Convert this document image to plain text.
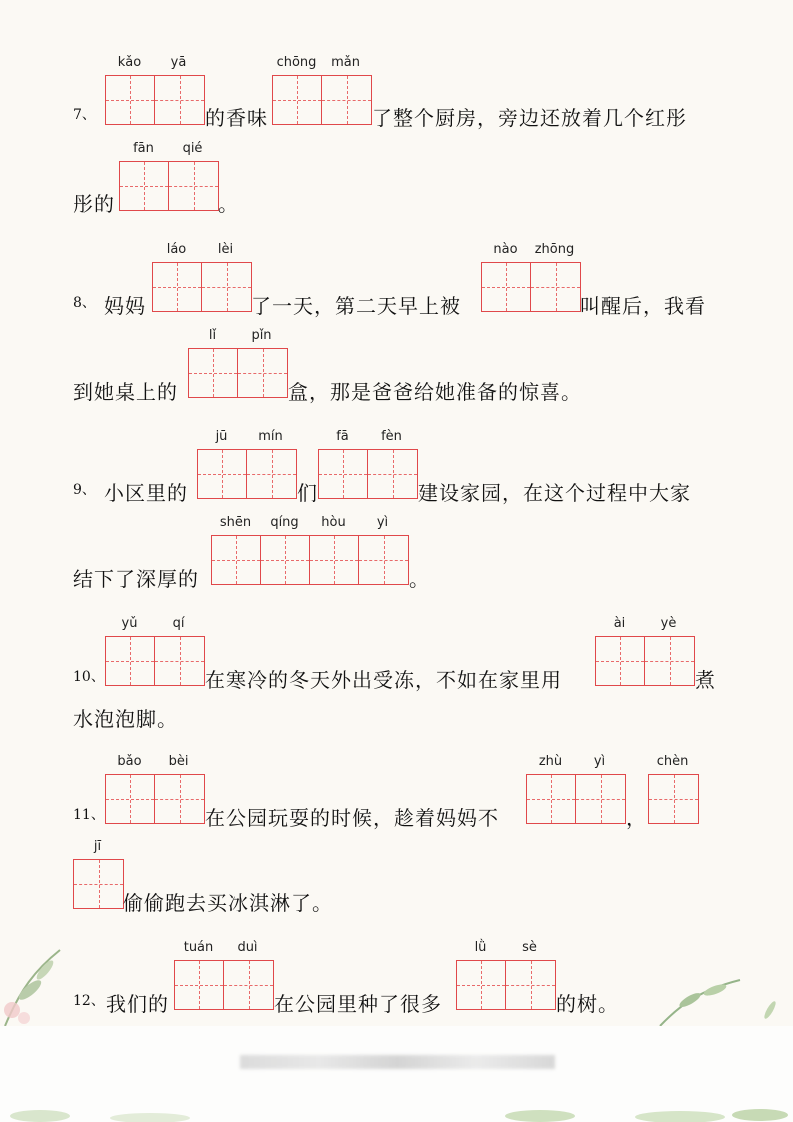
7、
kǎo	yā
的香味
chōng	mǎn
了整个厨房，旁边还放着几个红彤
彤的
fān	qié
。
8、 妈妈
láo	lèi
了一天，第二天早上被
nào	zhōng
叫醒后，我看
到她桌上的
lǐ	pǐn
盒，那是爸爸给她准备的惊喜。
9、 小区里的
jū	mín
们
fā	fèn
建设家园，在这个过程中大家
结下了深厚的
shēn	qíng	hòu	yì
。
10、
yǔ	qí
在寒冷的冬天外出受冻，不如在家里用
ài	yè
煮
水泡泡脚。
11、
bǎo	bèi
在公园玩耍的时候，趁着妈妈不
zhù	yì
，
chèn
jī
偷偷跑去买冰淇淋了。
12、 我们的
tuán	duì
在公园里种了很多
lǜ	sè
的树。
